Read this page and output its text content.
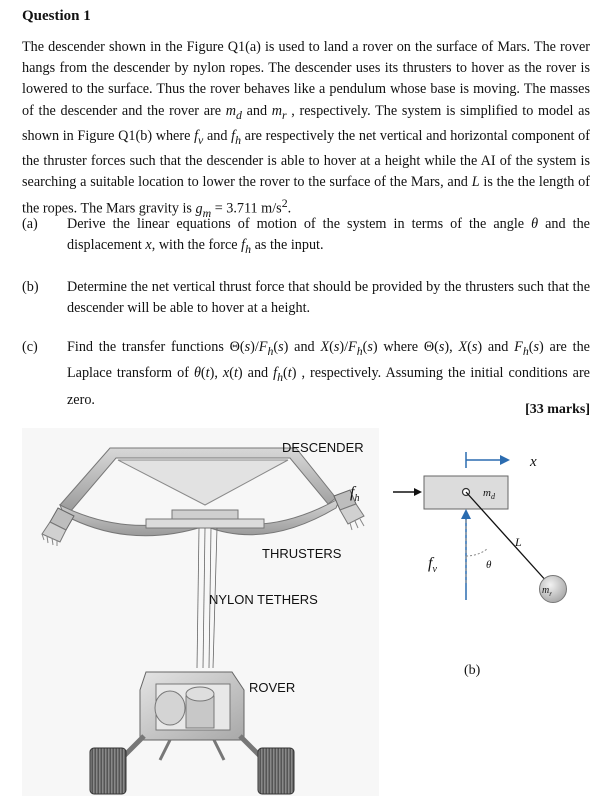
Question 1
The descender shown in the Figure Q1(a) is used to land a rover on the surface of Mars. The rover hangs from the descender by nylon ropes. The descender uses its thrusters to hover as the rover is lowered to the surface. Thus the rover behaves like a pendulum whose base is moving. The masses of the descender and the rover are $m_d$ and $m_r$ , respectively. The system is simplified to model as shown in Figure Q1(b) where $f_v$ and $f_h$ are respectively the net vertical and horizontal component of the thruster forces such that the descender is able to hover at a height while the AI of the system is searching a suitable location to lower the rover to the surface of the Mars, and L is the the length of the ropes. The Mars gravity is $g_m = 3.711$ $m/s^2$.
(a) Derive the linear equations of motion of the system in terms of the angle θ and the displacement x, with the force $f_h$ as the input.
(b) Determine the net vertical thrust force that should be provided by the thrusters such that the descender will be able to hover at a height.
(c) Find the transfer functions $\Theta(s)/F_h(s)$ and $X(s)/F_h(s)$ where Θ(s), X(s) and $F_h(s)$ are the Laplace transform of θ(t), x(t) and $f_h(t)$ , respectively. Assuming the initial conditions are zero.
[33 marks]
DESCENDER
THRUSTERS
NYLON TETHERS
ROVER
x
$f_h$	$m_d$
$f_v$
L
θ
$m_r$
(b)
